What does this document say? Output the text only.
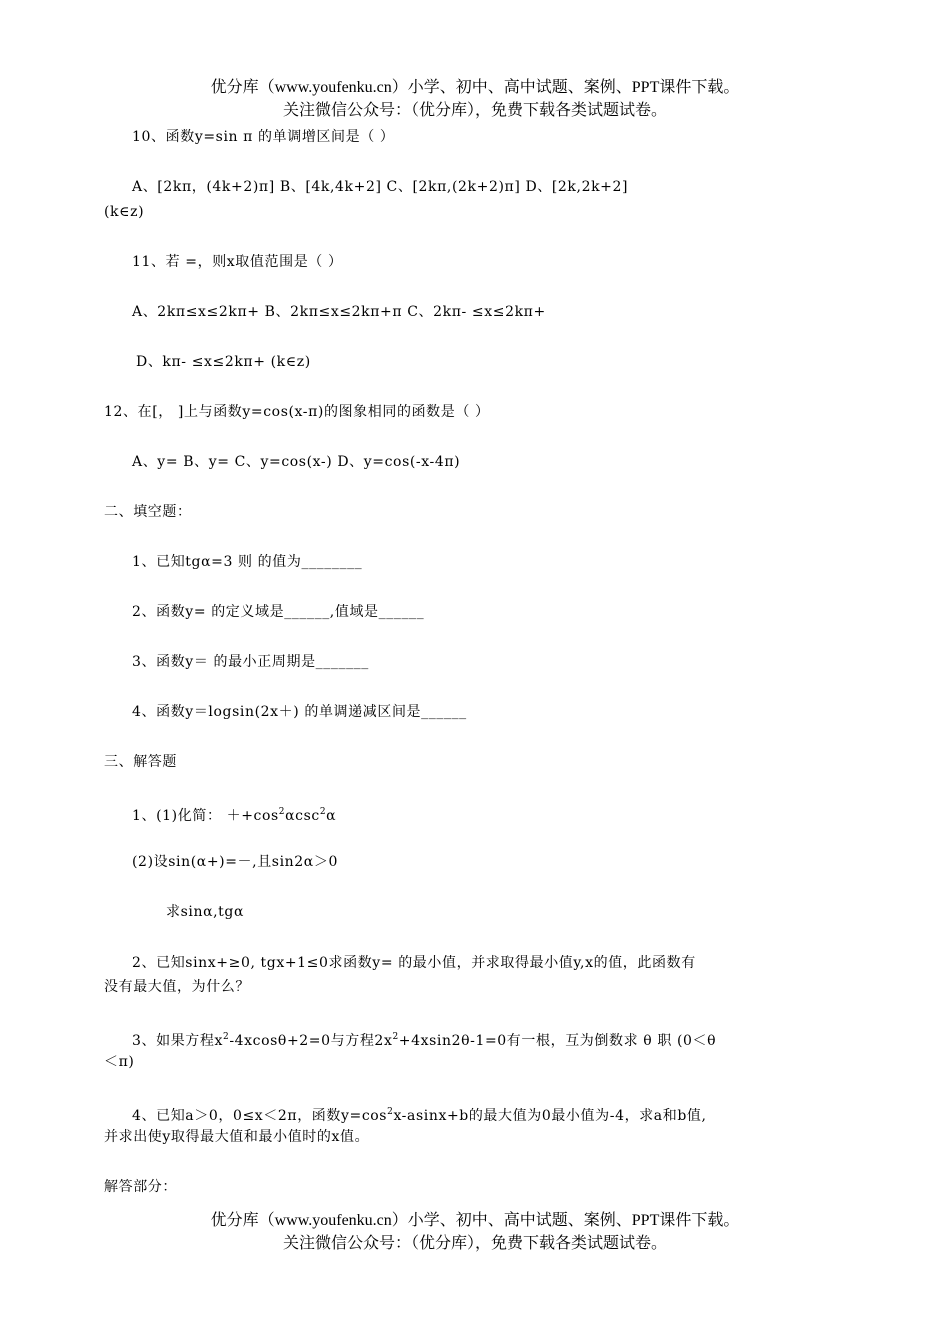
优分库（www.youfenku.cn）小学、初中、高中试题、案例、PPT课件下载。
关注微信公众号：（优分库），免费下载各类试题试卷。
10、函数y=sin π 的单调增区间是（ ）
A、[2kπ，(4k+2)π] B、[4k,4k+2] C、[2kπ,(2k+2)π] D、[2k,2k+2]
(k∈z)
11、若 =，则x取值范围是（ ）
A、2kπ≤x≤2kπ+ B、2kπ≤x≤2kπ+π C、2kπ- ≤x≤2kπ+
D、kπ- ≤x≤2kπ+ (k∈z)
12、在[， ]上与函数y=cos(x-π)的图象相同的函数是（ ）
A、y= B、y= C、y=cos(x-) D、y=cos(-x-4π)
二、填空题：
1、已知tgα=3 则 的值为________
2、函数y= 的定义域是______,值域是______
3、函数y＝ 的最小正周期是_______
4、函数y＝logsin(2x＋) 的单调递减区间是______
三、解答题
1、(1)化简： $++\cos^2\alpha\csc^2\alpha$
(2)设sin(α+)=－,且sin2α＞0
求sinα,tgα
2、已知sinx+≥0, tgx+1≤0求函数y= 的最小值，并求取得最小值y,x的值，此函数有
没有最大值，为什么？
3、如果方程$x^2-4xcos\theta+2=0$与方程$2x^2+4xsin2\theta-1=0$有一根，互为倒数求 θ 职 (0＜θ
＜π)
4、已知a＞0，0≤x＜2π，函数$y=\cos^2x-asinx+b$的最大值为0最小值为-4，求a和b值,
并求出使y取得最大值和最小值时的x值。
解答部分：
优分库（www.youfenku.cn）小学、初中、高中试题、案例、PPT课件下载。
关注微信公众号：（优分库），免费下载各类试题试卷。
